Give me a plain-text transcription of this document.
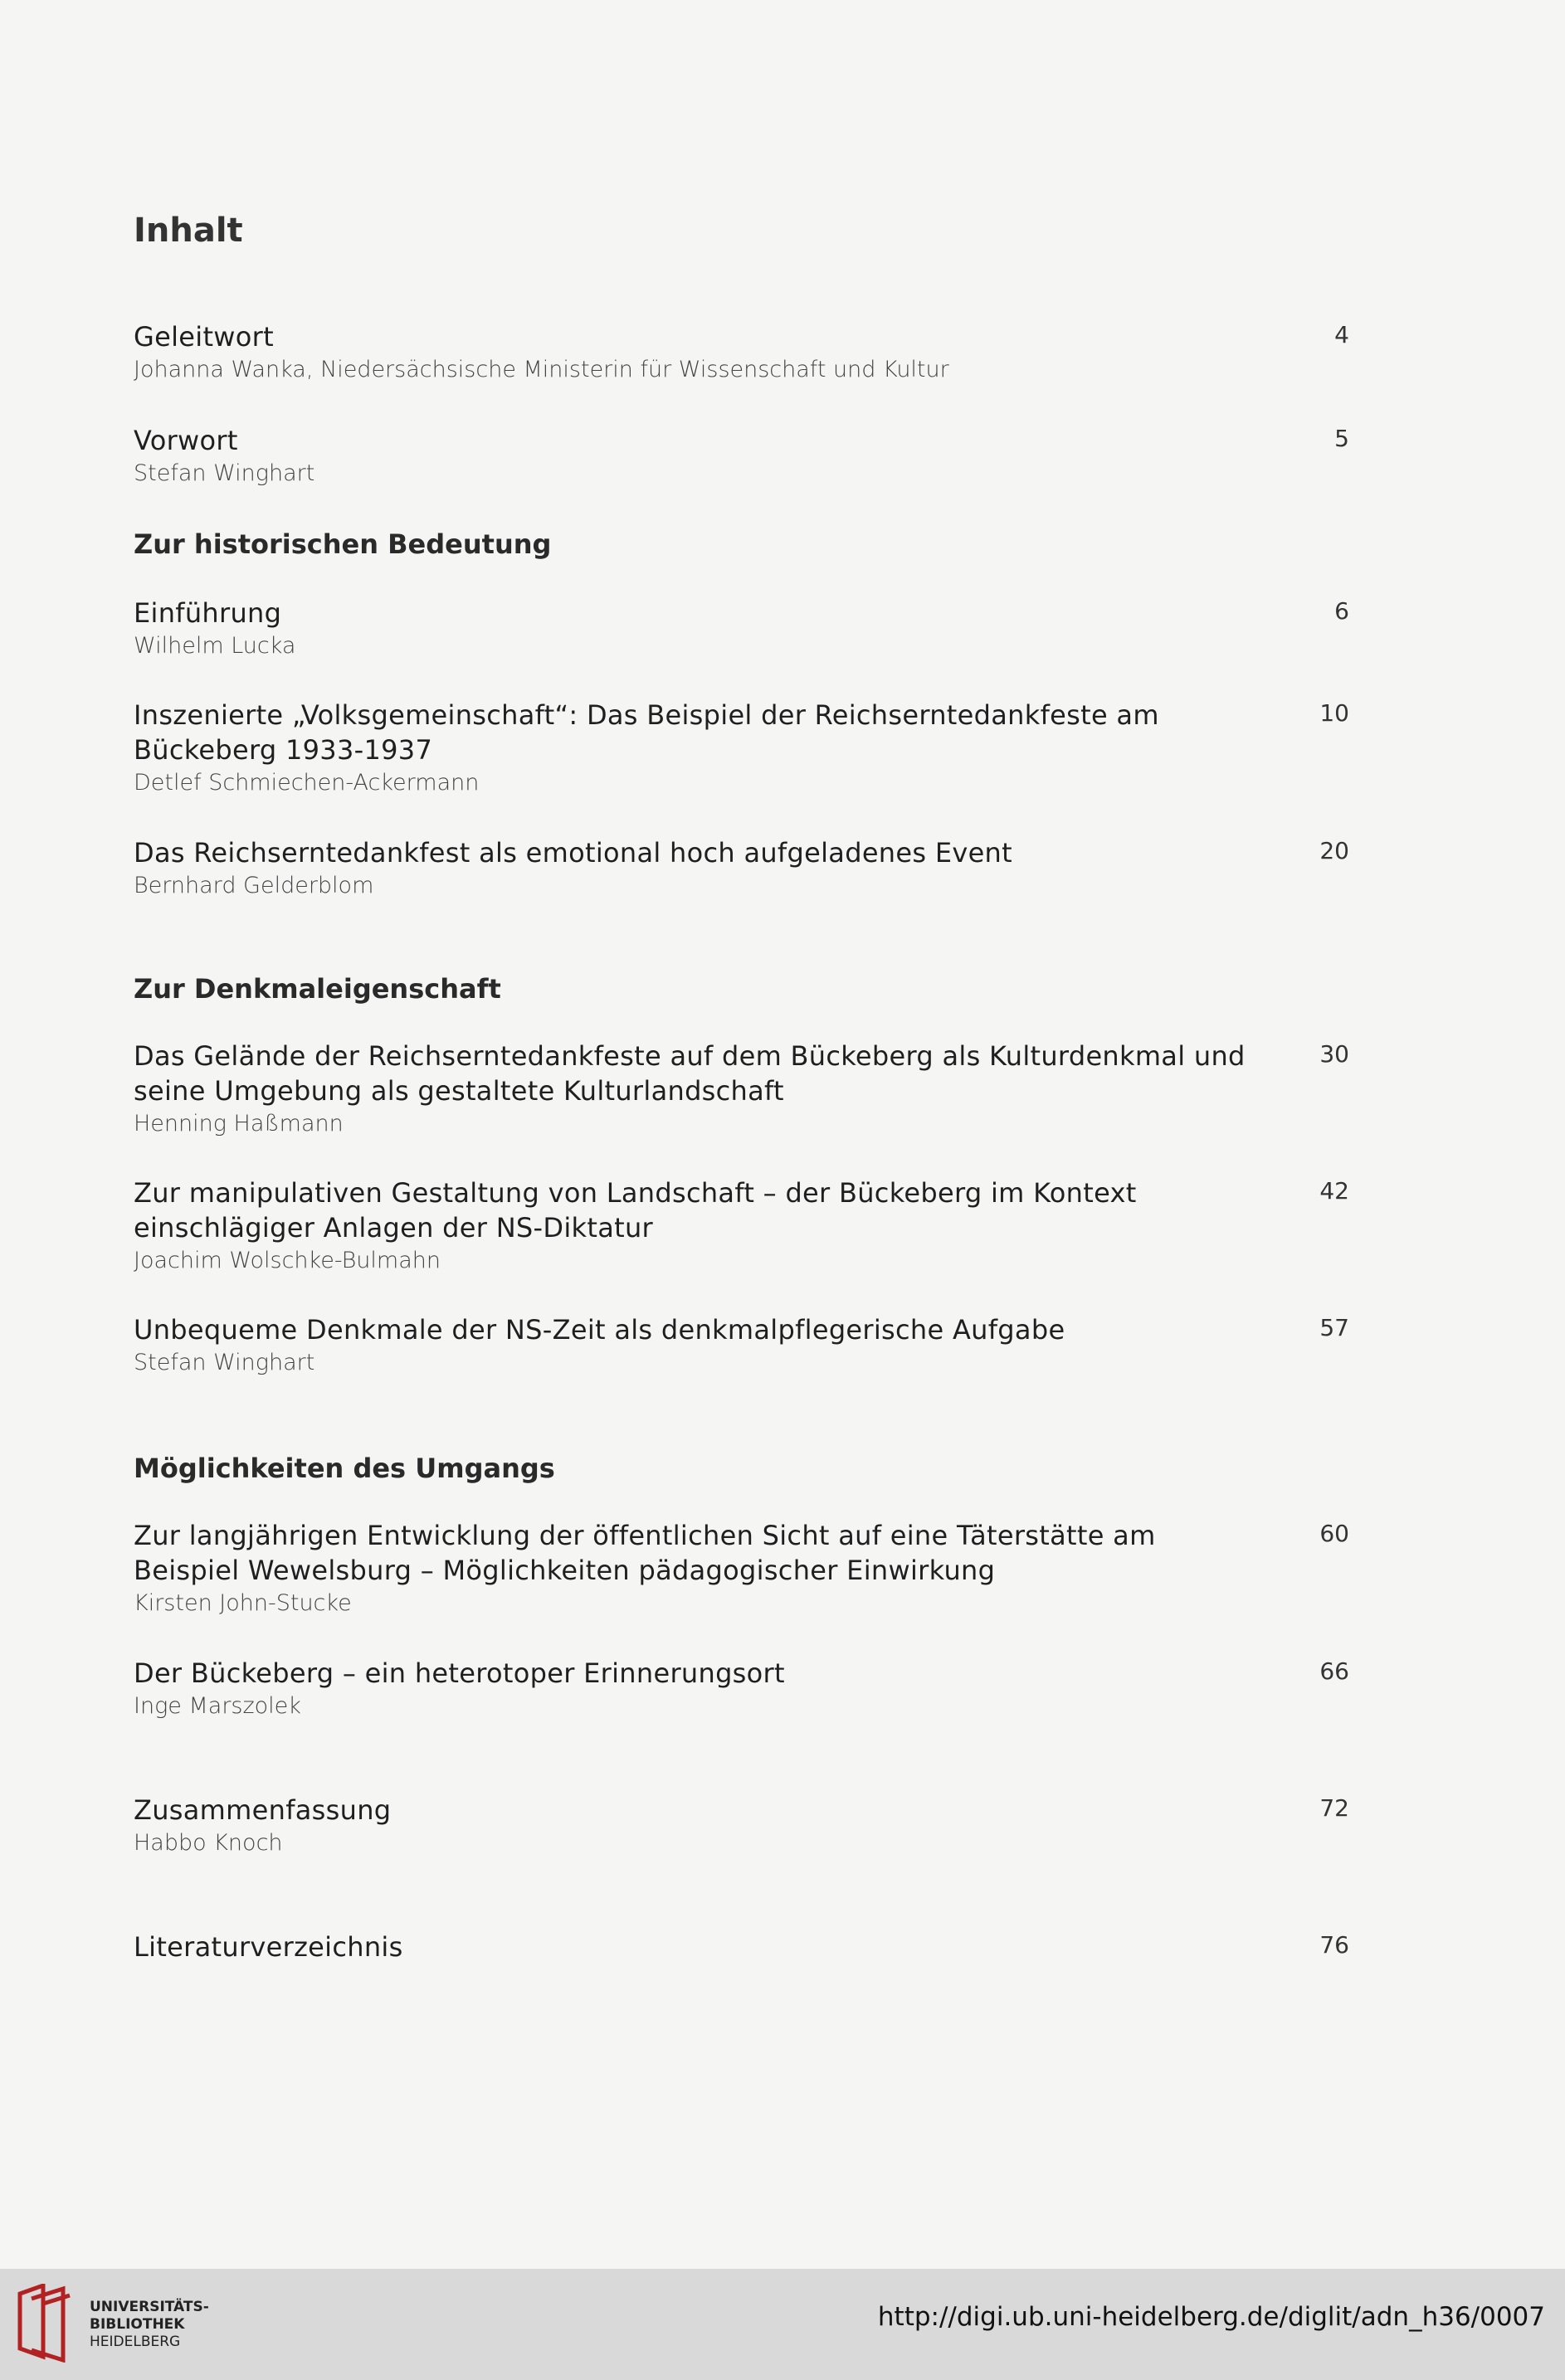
Inhalt
Geleitwort
Johanna Wanka, Niedersächsische Ministerin für Wissenschaft und Kultur
4
Vorwort
Stefan Winghart
5
Zur historischen Bedeutung
Einführung
Wilhelm Lucka
6
Inszenierte „Volksgemeinschaft“: Das Beispiel der Reichserntedankfeste am Bückeberg 1933-1937
Detlef Schmiechen-Ackermann
10
Das Reichserntedankfest als emotional hoch aufgeladenes Event
Bernhard Gelderblom
20
Zur Denkmaleigenschaft
Das Gelände der Reichserntedankfeste auf dem Bückeberg als Kulturdenkmal und seine Umgebung als gestaltete Kulturlandschaft
Henning Haßmann
30
Zur manipulativen Gestaltung von Landschaft – der Bückeberg im Kontext einschlägiger Anlagen der NS-Diktatur
Joachim Wolschke-Bulmahn
42
Unbequeme Denkmale der NS-Zeit als denkmalpflegerische Aufgabe
Stefan Winghart
57
Möglichkeiten des Umgangs
Zur langjährigen Entwicklung der öffentlichen Sicht auf eine Täterstätte am Beispiel Wewelsburg – Möglichkeiten pädagogischer Einwirkung
Kirsten John-Stucke
60
Der Bückeberg – ein heterotoper Erinnerungsort
Inge Marszolek
66
Zusammenfassung
Habbo Knoch
72
Literaturverzeichnis	76
UNIVERSITÄTS-
BIBLIOTHEK
HEIDELBERG
http://digi.ub.uni-heidelberg.de/diglit/adn_h36/0007
